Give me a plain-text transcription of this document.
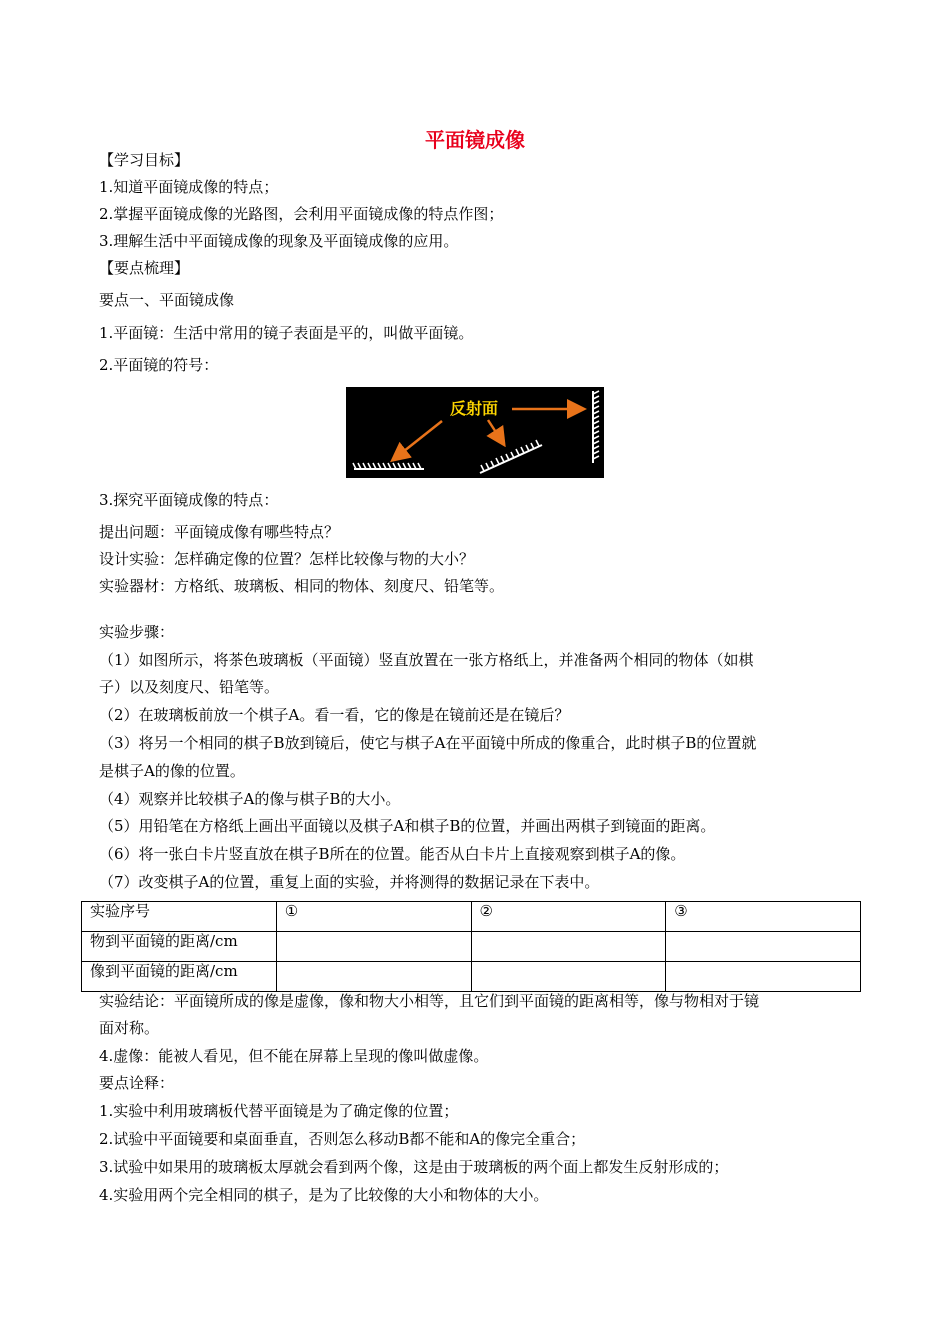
平面镜成像
【学习目标】
1.知道平面镜成像的特点；
2.掌握平面镜成像的光路图，会利用平面镜成像的特点作图；
3.理解生活中平面镜成像的现象及平面镜成像的应用。
【要点梳理】
要点一、平面镜成像
1.平面镜：生活中常用的镜子表面是平的，叫做平面镜。
2.平面镜的符号：
反射面
3.探究平面镜成像的特点：
提出问题：平面镜成像有哪些特点？
设计实验：怎样确定像的位置？怎样比较像与物的大小？
实验器材：方格纸、玻璃板、相同的物体、刻度尺、铅笔等。
实验步骤：
（1）如图所示，将茶色玻璃板（平面镜）竖直放置在一张方格纸上，并准备两个相同的物体（如棋
子）以及刻度尺、铅笔等。
（2）在玻璃板前放一个棋子A。看一看，它的像是在镜前还是在镜后？
（3）将另一个相同的棋子B放到镜后，使它与棋子A在平面镜中所成的像重合，此时棋子B的位置就
是棋子A的像的位置。
（4）观察并比较棋子A的像与棋子B的大小。
（5）用铅笔在方格纸上画出平面镜以及棋子A和棋子B的位置，并画出两棋子到镜面的距离。
（6）将一张白卡片竖直放在棋子B所在的位置。能否从白卡片上直接观察到棋子A的像。
（7）改变棋子A的位置，重复上面的实验，并将测得的数据记录在下表中。
实验序号	①	②	③
物到平面镜的距离/cm			
像到平面镜的距离/cm			
实验结论：平面镜所成的像是虚像，像和物大小相等，且它们到平面镜的距离相等，像与物相对于镜
面对称。
4.虚像：能被人看见，但不能在屏幕上呈现的像叫做虚像。
要点诠释：
1.实验中利用玻璃板代替平面镜是为了确定像的位置；
2.试验中平面镜要和桌面垂直，否则怎么移动B都不能和A的像完全重合；
3.试验中如果用的玻璃板太厚就会看到两个像，这是由于玻璃板的两个面上都发生反射形成的；
4.实验用两个完全相同的棋子，是为了比较像的大小和物体的大小。
